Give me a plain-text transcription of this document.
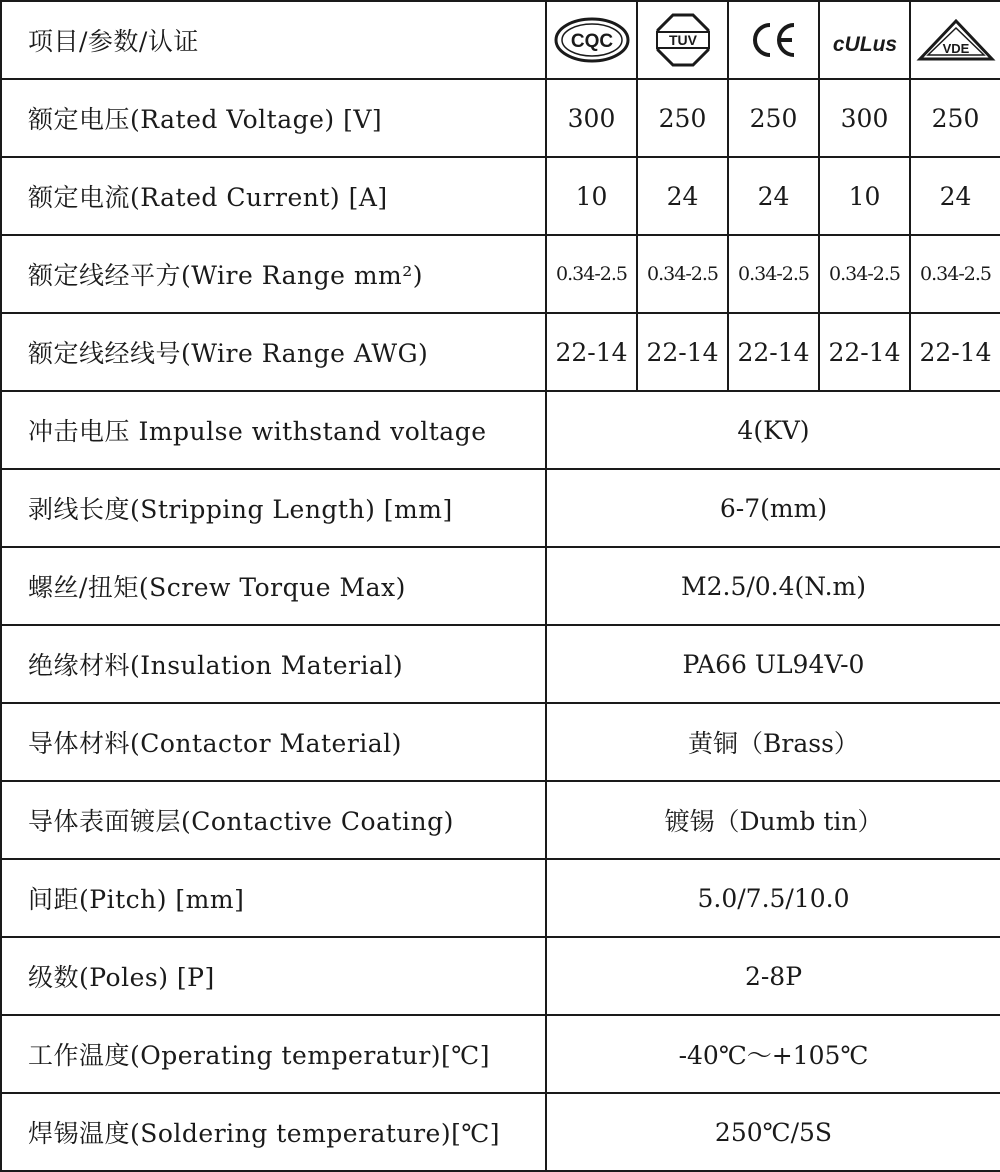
项目/参数/认证	CQC	TUV	CE	cULus	VDE

额定电压(Rated Voltage) [V]	300	250	250	300	250
额定电流(Rated Current) [A]	10	24	24	10	24
额定线经平方(Wire Range mm²)	0.34-2.5	0.34-2.5	0.34-2.5	0.34-2.5	0.34-2.5
额定线经线号(Wire Range AWG)	22-14	22-14	22-14	22-14	22-14
冲击电压 Impulse withstand voltage	4(KV)				
剥线长度(Stripping Length) [mm]	6-7(mm)				
螺丝/扭矩(Screw Torque Max)	M2.5/0.4(N.m)				
绝缘材料(Insulation Material)	PA66 UL94V-0				
导体材料(Contactor Material)	黄铜（Brass）				
导体表面镀层(Contactive Coating)	镀锡（Dumb tin）				
间距(Pitch) [mm]	5.0/7.5/10.0				
级数(Poles) [P]	2-8P				
工作温度(Operating temperatur)[℃]	-40℃～+105℃				
焊锡温度(Soldering temperature)[℃]	250℃/5S				
